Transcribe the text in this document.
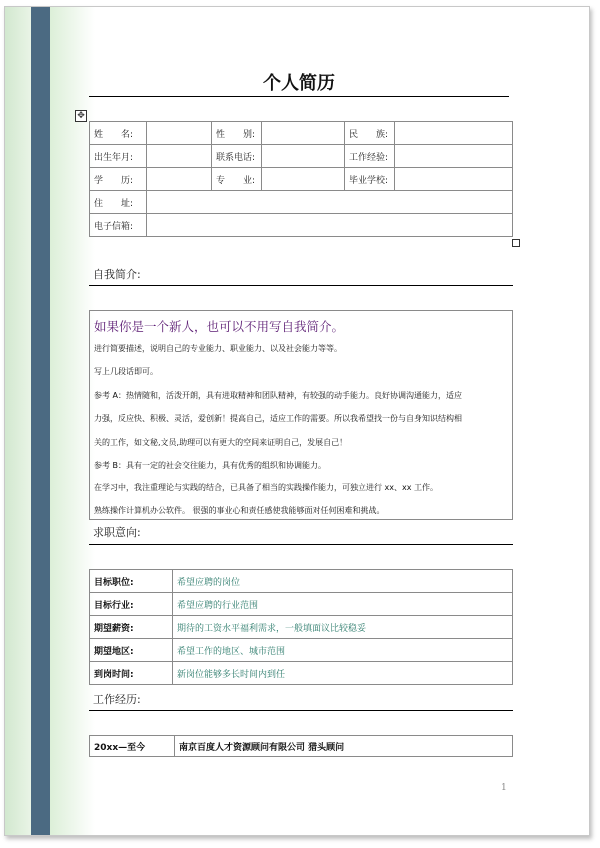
个人简历
✥
姓　　名:		性　　别:		民　　族:	
出生年月:		联系电话:		工作经验:	
学　　历:		专　　业:		毕业学校:	
住　　址:					
电子信箱:					
自我简介:
如果你是一个新人，也可以不用写自我简介。
进行简要描述，说明自己的专业能力、职业能力、以及社会能力等等。
写上几段话即可。
参考 A：热情随和，活泼开朗，具有进取精神和团队精神，有较强的动手能力。良好协调沟通能力，适应
力强，反应快、积极、灵活，爱创新！提高自己，适应工作的需要。所以我希望找一份与自身知识结构相
关的工作，如文秘,文员,助理可以有更大的空间来证明自己，发展自己！
参考 B：具有一定的社会交往能力，具有优秀的组织和协调能力。
在学习中，我注重理论与实践的结合，已具备了相当的实践操作能力，可独立进行 xx、xx 工作。
熟练操作计算机办公软件。 很强的事业心和责任感使我能够面对任何困难和挑战。
求职意向:
目标职位:	希望应聘的岗位
目标行业:	希望应聘的行业范围
期望薪资:	期待的工资水平福利需求，一般填面议比较稳妥
期望地区:	希望工作的地区、城市范围
到岗时间:	新岗位能够多长时间内到任
工作经历:
20xx—至今	南京百度人才资源顾问有限公司 猎头顾问
1
